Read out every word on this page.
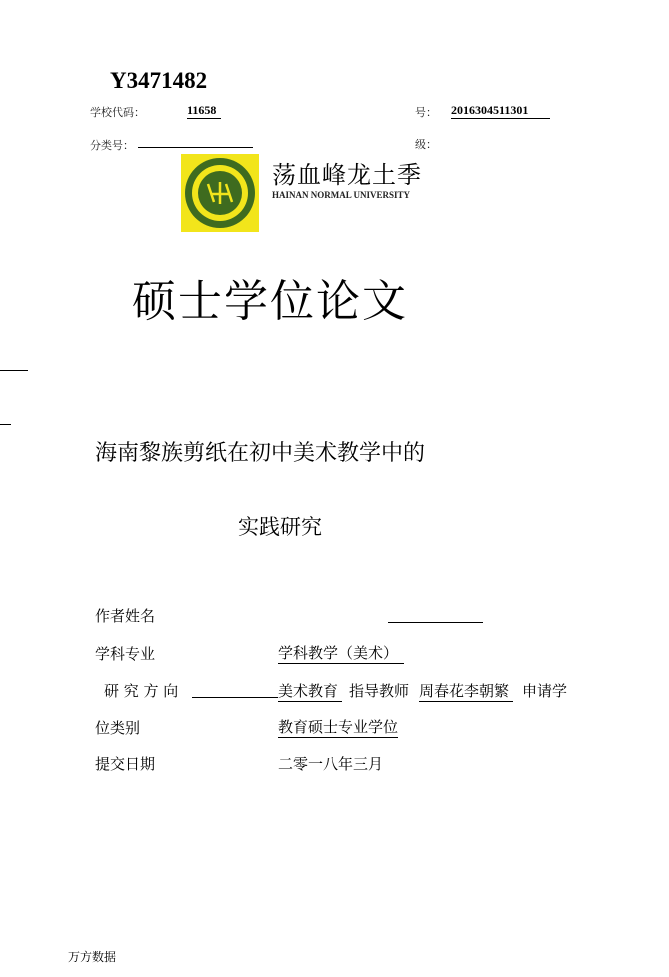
Y3471482
学校代码：	11658	号： 2016304511301
分类号：	级：
荡血峰龙土季
HAINAN NORMAL UNIVERSITY
硕士学位论文
海南黎族剪纸在初中美术教学中的
实践研究
作者姓名
学科专业	学科教学（美术）
研 究 方 向	美术教育 指导教师 周春花李朝繁 申请学
位类别	教育硕士专业学位
提交日期	二零一八年三月
万方数据
